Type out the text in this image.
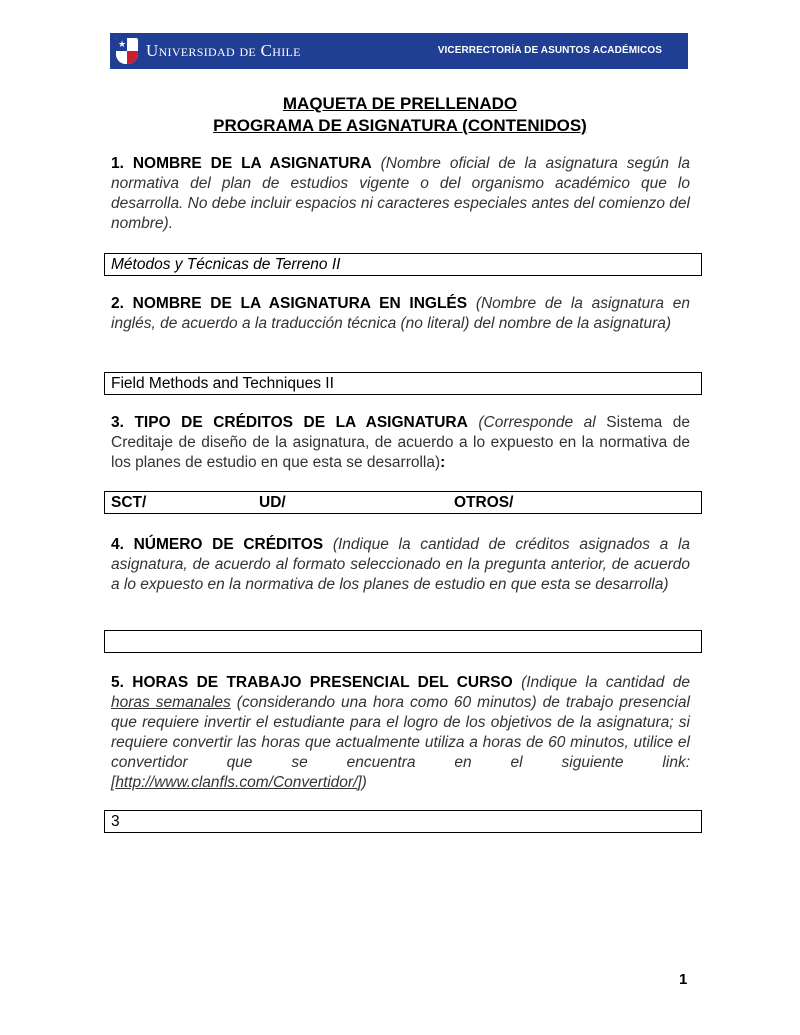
★ Universidad de Chile	VICERRECTORÍA DE ASUNTOS ACADÉMICOS
MAQUETA DE PRELLENADO
PROGRAMA DE ASIGNATURA (CONTENIDOS)
1. NOMBRE DE LA ASIGNATURA (Nombre oficial de la asignatura según la normativa del plan de estudios vigente o del organismo académico que lo desarrolla. No debe incluir espacios ni caracteres especiales antes del comienzo del nombre).
Métodos y Técnicas de Terreno II
2. NOMBRE DE LA ASIGNATURA EN INGLÉS (Nombre de la asignatura en inglés, de acuerdo a la traducción técnica (no literal) del nombre de la asignatura)
Field Methods and Techniques II
3. TIPO DE CRÉDITOS DE LA ASIGNATURA (Corresponde al Sistema de Creditaje de diseño de la asignatura, de acuerdo a lo expuesto en la normativa de los planes de estudio en que esta se desarrolla):
SCT/	UD/	OTROS/
4. NÚMERO DE CRÉDITOS (Indique la cantidad de créditos asignados a la asignatura, de acuerdo al formato seleccionado en la pregunta anterior, de acuerdo a lo expuesto en la normativa de los planes de estudio en que esta se desarrolla)
5. HORAS DE TRABAJO PRESENCIAL DEL CURSO (Indique la cantidad de horas semanales (considerando una hora como 60 minutos) de trabajo presencial que requiere invertir el estudiante para el logro de los objetivos de la asignatura; si requiere convertir las horas que actualmente utiliza a horas de 60 minutos, utilice el convertidor que se encuentra en el siguiente link: [http://www.clanfls.com/Convertidor/])
3
1
